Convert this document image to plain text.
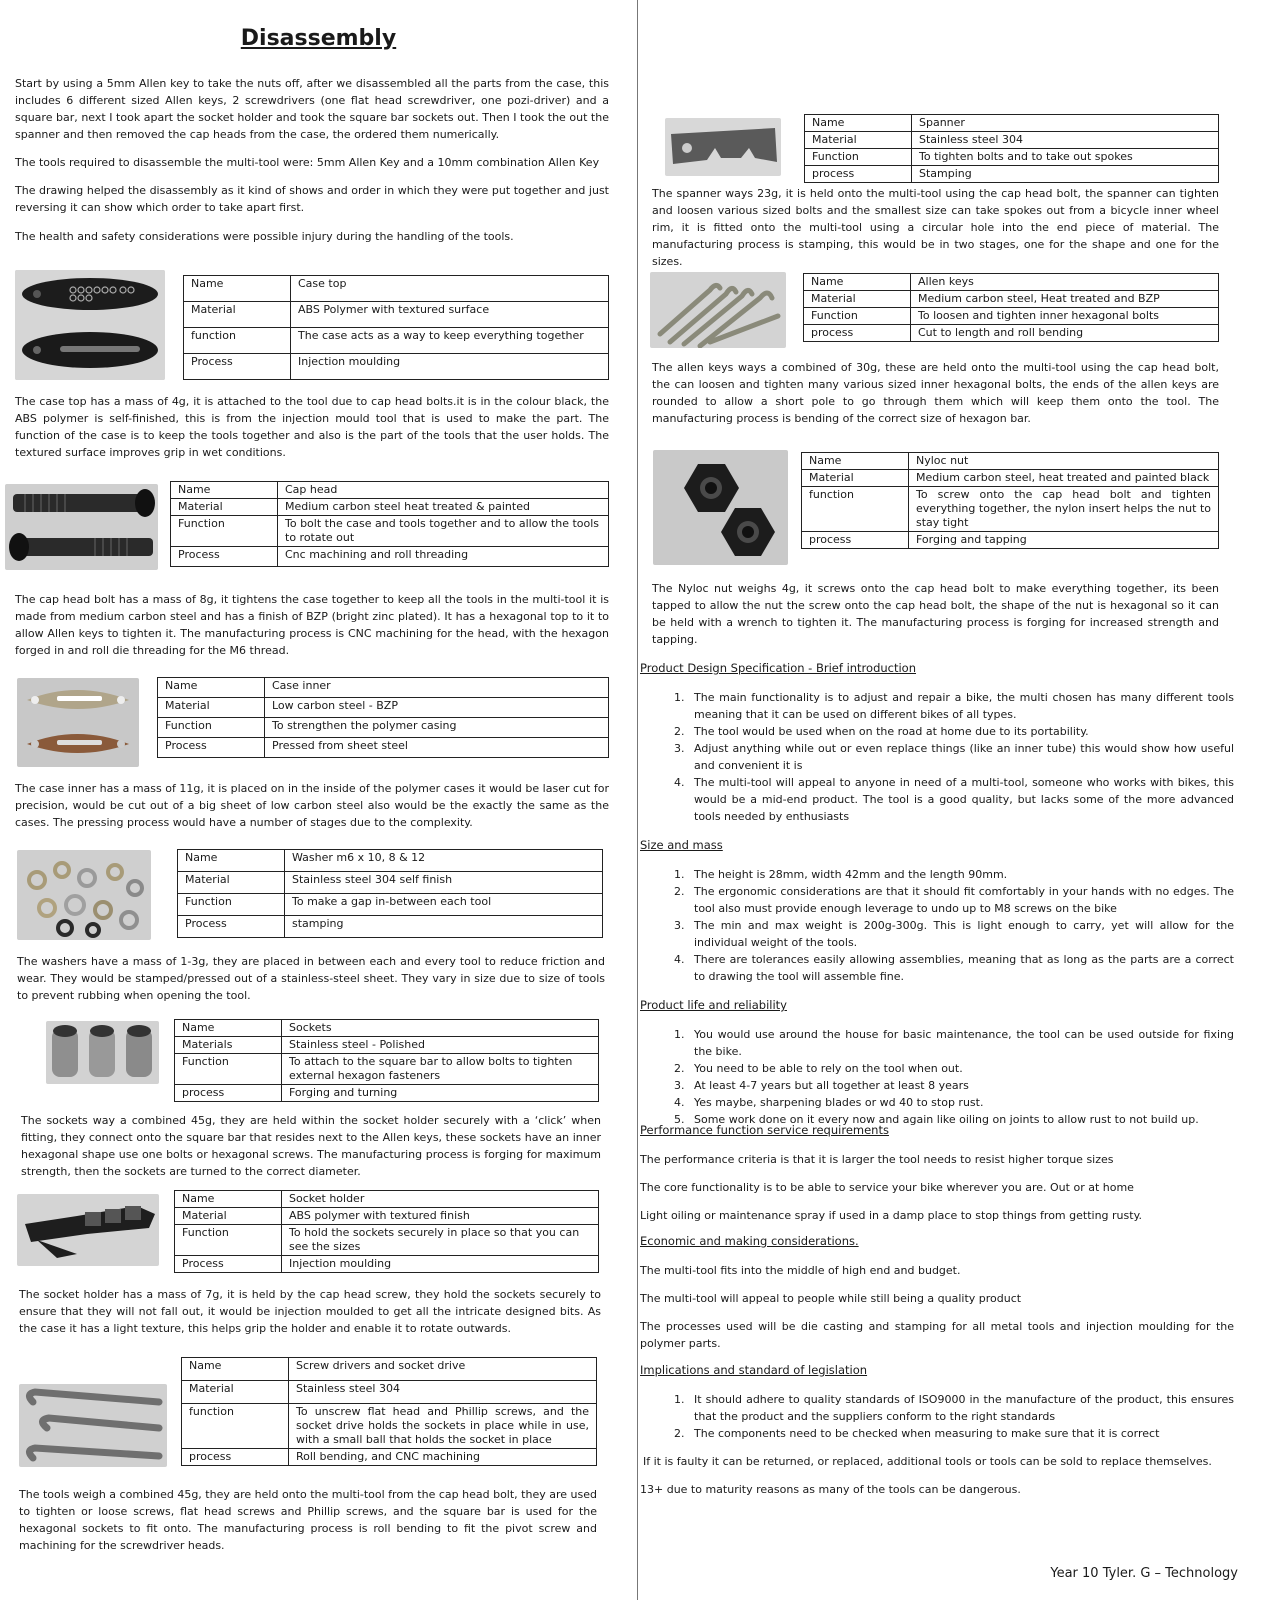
Disassembly
Start by using a 5mm Allen key to take the nuts off, after we disassembled all the parts from the case, this includes 6 different sized Allen keys, 2 screwdrivers (one flat head screwdriver, one pozi-driver) and a square bar, next I took apart the socket holder and took the square bar sockets out. Then I took the out the spanner and then removed the cap heads from the case, the ordered them numerically.
The tools required to disassemble the multi-tool were: 5mm Allen Key and a 10mm combination Allen Key
The drawing helped the disassembly as it kind of shows and order in which they were put together and just reversing it can show which order to take apart first.
The health and safety considerations were possible injury during the handling of the tools.
Name	Case top
Material	ABS Polymer with textured surface
function	The case acts as a way to keep everything together
Process	Injection moulding
The case top has a mass of 4g, it is attached to the tool due to cap head bolts.it is in the colour black, the ABS polymer is self-finished, this is from the injection mould tool that is used to make the part. The function of the case is to keep the tools together and also is the part of the tools that the user holds. The textured surface improves grip in wet conditions.
Name	Cap head
Material	Medium carbon steel heat treated & painted
Function	To bolt the case and tools together and to allow the tools to rotate out
Process	Cnc machining and roll threading
The cap head bolt has a mass of 8g, it tightens the case together to keep all the tools in the multi-tool it is made from medium carbon steel and has a finish of BZP (bright zinc plated). It has a hexagonal top to it to allow Allen keys to tighten it. The manufacturing process is CNC machining for the head, with the hexagon forged in and roll die threading for the M6 thread.
Name	Case inner
Material	Low carbon steel - BZP
Function	To strengthen the polymer casing
Process	Pressed from sheet steel
The case inner has a mass of 11g, it is placed on in the inside of the polymer cases it would be laser cut for precision, would be cut out of a big sheet of low carbon steel also would be the exactly the same as the cases. The pressing process would have a number of stages due to the complexity.
Name	Washer m6 x 10, 8 & 12
Material	Stainless steel 304 self finish
Function	To make a gap in-between each tool
Process	stamping
The washers have a mass of 1-3g, they are placed in between each and every tool to reduce friction and wear. They would be stamped/pressed out of a stainless-steel sheet. They vary in size due to size of tools to prevent rubbing when opening the tool.
Name	Sockets
Materials	Stainless steel - Polished
Function	To attach to the square bar to allow bolts to tighten external hexagon fasteners
process	Forging and turning
The sockets way a combined 45g, they are held within the socket holder securely with a ‘click’ when fitting, they connect onto the square bar that resides next to the Allen keys, these sockets have an inner hexagonal shape use one bolts or hexagonal screws. The manufacturing process is forging for maximum strength, then the sockets are turned to the correct diameter.
Name	Socket holder
Material	ABS polymer with textured finish
Function	To hold the sockets securely in place so that you can see the sizes
Process	Injection moulding
The socket holder has a mass of 7g, it is held by the cap head screw, they hold the sockets securely to ensure that they will not fall out, it would be injection moulded to get all the intricate designed bits. As the case it has a light texture, this helps grip the holder and enable it to rotate outwards.
Name	Screw drivers and socket drive
Material	Stainless steel 304
function	To unscrew flat head and Phillip screws, and the socket drive holds the sockets in place while in use, with a small ball that holds the socket in place
process	Roll bending, and CNC machining
The tools weigh a combined 45g, they are held onto the multi-tool from the cap head bolt, they are used to tighten or loose screws, flat head screws and Phillip screws, and the square bar is used for the hexagonal sockets to fit onto. The manufacturing process is roll bending to fit the pivot screw and machining for the screwdriver heads.
Name	Spanner
Material	Stainless steel 304
Function	To tighten bolts and to take out spokes
process	Stamping
The spanner ways 23g, it is held onto the multi-tool using the cap head bolt, the spanner can tighten and loosen various sized bolts and the smallest size can take spokes out from a bicycle inner wheel rim, it is fitted onto the multi-tool using a circular hole into the end piece of material. The manufacturing process is stamping, this would be in two stages, one for the shape and one for the sizes.
Name	Allen keys
Material	Medium carbon steel, Heat treated and BZP
Function	To loosen and tighten inner hexagonal bolts
process	Cut to length and roll bending
The allen keys ways a combined of 30g, these are held onto the multi-tool using the cap head bolt, the can loosen and tighten many various sized inner hexagonal bolts, the ends of the allen keys are rounded to allow a short pole to go through them which will keep them onto the tool. The manufacturing process is bending of the correct size of hexagon bar.
Name	Nyloc nut
Material	Medium carbon steel, heat treated and painted black
function	To screw onto the cap head bolt and tighten everything together, the nylon insert helps the nut to stay tight
process	Forging and tapping
The Nyloc nut weighs 4g, it screws onto the cap head bolt to make everything together, its been tapped to allow the nut the screw onto the cap head bolt, the shape of the nut is hexagonal so it can be held with a wrench to tighten it. The manufacturing process is forging for increased strength and tapping.
Product Design Specification - Brief introduction
1. The main functionality is to adjust and repair a bike, the multi chosen has many different tools meaning that it can be used on different bikes of all types.
2. The tool would be used when on the road at home due to its portability.
3. Adjust anything while out or even replace things (like an inner tube) this would show how useful and convenient it is
4. The multi-tool will appeal to anyone in need of a multi-tool, someone who works with bikes, this would be a mid-end product. The tool is a good quality, but lacks some of the more advanced tools needed by enthusiasts
Size and mass
1. The height is 28mm, width 42mm and the length 90mm.
2. The ergonomic considerations are that it should fit comfortably in your hands with no edges. The tool also must provide enough leverage to undo up to M8 screws on the bike
3. The min and max weight is 200g-300g. This is light enough to carry, yet will allow for the individual weight of the tools.
4. There are tolerances easily allowing assemblies, meaning that as long as the parts are a correct to drawing the tool will assemble fine.
Product life and reliability
1. You would use around the house for basic maintenance, the tool can be used outside for fixing the bike.
2. You need to be able to rely on the tool when out.
3. At least 4-7 years but all together at least 8 years
4. Yes maybe, sharpening blades or wd 40 to stop rust.
5. Some work done on it every now and again like oiling on joints to allow rust to not build up.
Performance function service requirements
The performance criteria is that it is larger the tool needs to resist higher torque sizes
The core functionality is to be able to service your bike wherever you are. Out or at home
Light oiling or maintenance spray if used in a damp place to stop things from getting rusty.
Economic and making considerations.
The multi-tool fits into the middle of high end and budget.
The multi-tool will appeal to people while still being a quality product
The processes used will be die casting and stamping for all metal tools and injection moulding for the polymer parts.
Implications and standard of legislation
1. It should adhere to quality standards of ISO9000 in the manufacture of the product, this ensures that the product and the suppliers conform to the right standards
2. The components need to be checked when measuring to make sure that it is correct
If it is faulty it can be returned, or replaced, additional tools or tools can be sold to replace themselves.
13+ due to maturity reasons as many of the tools can be dangerous.
Year 10 Tyler. G – Technology
